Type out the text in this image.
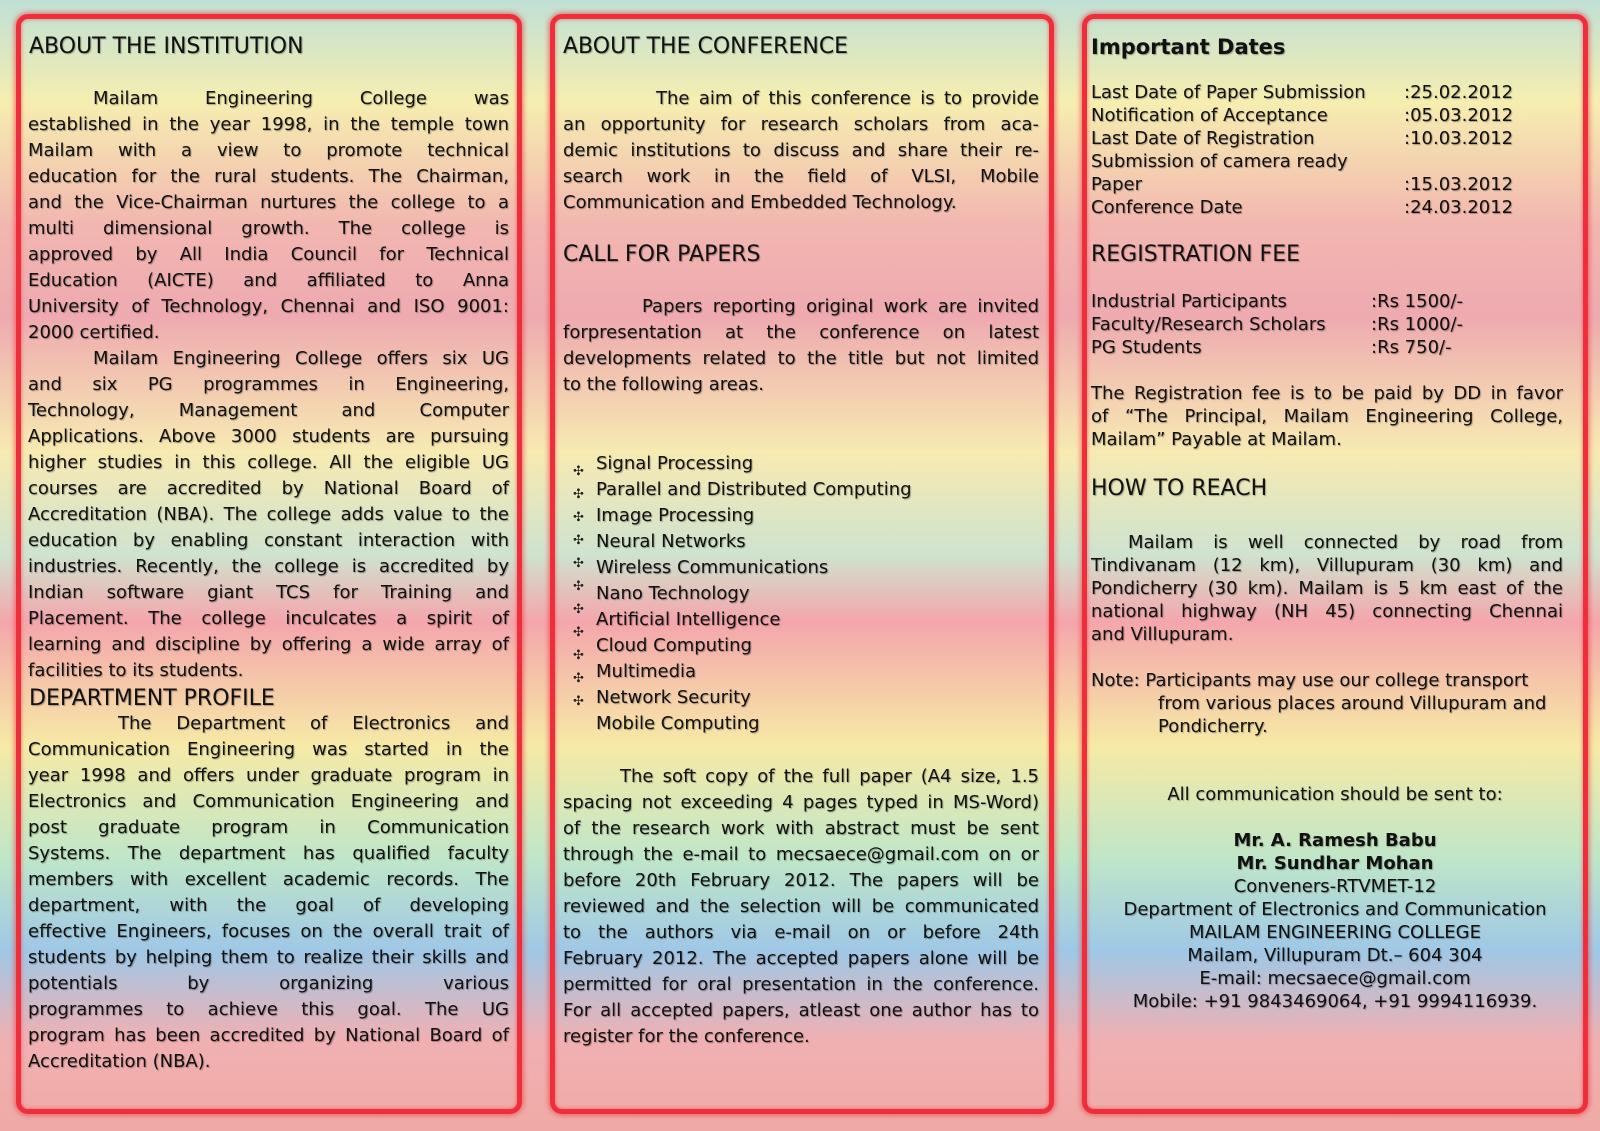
ABOUT THE INSTITUTION

Mailam Engineering College was

established in the year 1998, in the temple town

Mailam with a view to promote technical

education for the rural students. The Chairman,

and the Vice-Chairman nurtures the college to a

multi dimensional growth. The college is

approved by All India Council for Technical

Education (AICTE) and affiliated to Anna

University of Technology, Chennai and ISO 9001:

2000 certified.

Mailam Engineering College offers six UG

and six PG programmes in Engineering,

Technology, Management and Computer

Applications. Above 3000 students are pursuing

higher studies in this college. All the eligible UG

courses are accredited by National Board of

Accreditation (NBA). The college adds value to the

education by enabling constant interaction with

industries. Recently, the college is accredited by

Indian software giant TCS for Training and

Placement. The college inculcates a spirit of

learning and discipline by offering a wide array of

facilities to its students.

DEPARTMENT PROFILE

The Department of Electronics and

Communication Engineering was started in the

year 1998 and offers under graduate program in

Electronics and Communication Engineering and

post graduate program in Communication

Systems. The department has qualified faculty

members with excellent academic records. The

department, with the goal of developing

effective Engineers, focuses on the overall trait of

students by helping them to realize their skills and

potentials by organizing various

programmes to achieve this goal. The UG

program has been accredited by National Board of

Accreditation (NBA).

ABOUT THE CONFERENCE

The aim of this conference is to provide

an opportunity for research scholars from aca-

demic institutions to discuss and share their re-

search work in the field of VLSI, Mobile

Communication and Embedded Technology.

CALL FOR PAPERS

Papers reporting original work are invited

forpresentation at the conference on latest

developments related to the title but not limited

to the following areas.

✣
✣
✣
✣
✣
✣
✣
✣
✣
✣
✣

Signal Processing

Parallel and Distributed Computing

Image Processing

Neural Networks

Wireless Communications

Nano Technology

Artificial Intelligence

Cloud Computing

Multimedia

Network Security

Mobile Computing

The soft copy of the full paper (A4 size, 1.5

spacing not exceeding 4 pages typed in MS-Word)

of the research work with abstract must be sent

through the e-mail to mecsaece@gmail.com on or

before 20th February 2012. The papers will be

reviewed and the selection will be communicated

to the authors via e-mail on or before 24th

February 2012. The accepted papers alone will be

permitted for oral presentation in the conference.

For all accepted papers, atleast one author has to

register for the conference.

Important Dates

Last Date of Paper Submission :25.02.2012

Notification of Acceptance	:05.03.2012

Last Date of Registration	:10.03.2012

Submission of camera ready

Paper	:15.03.2012

Conference Date	:24.03.2012

REGISTRATION FEE

Industrial Participants	:Rs 1500/-

Faculty/Research Scholars	:Rs 1000/-

PG Students	:Rs 750/-

The Registration fee is to be paid by DD in favor

of “The Principal, Mailam Engineering College,

Mailam” Payable at Mailam.

HOW TO REACH

Mailam is well connected by road from

Tindivanam (12 km), Villupuram (30 km) and

Pondicherry (30 km). Mailam is 5 km east of the

national highway (NH 45) connecting Chennai

and Villupuram.

Note: Participants may use our college transport

from various places around Villupuram and

Pondicherry.

All communication should be sent to:

Mr. A. Ramesh Babu

Mr. Sundhar Mohan

Conveners-RTVMET-12

Department of Electronics and Communication

MAILAM ENGINEERING COLLEGE

Mailam, Villupuram Dt.– 604 304

E-mail: mecsaece@gmail.com

Mobile: +91 9843469064, +91 9994116939.
